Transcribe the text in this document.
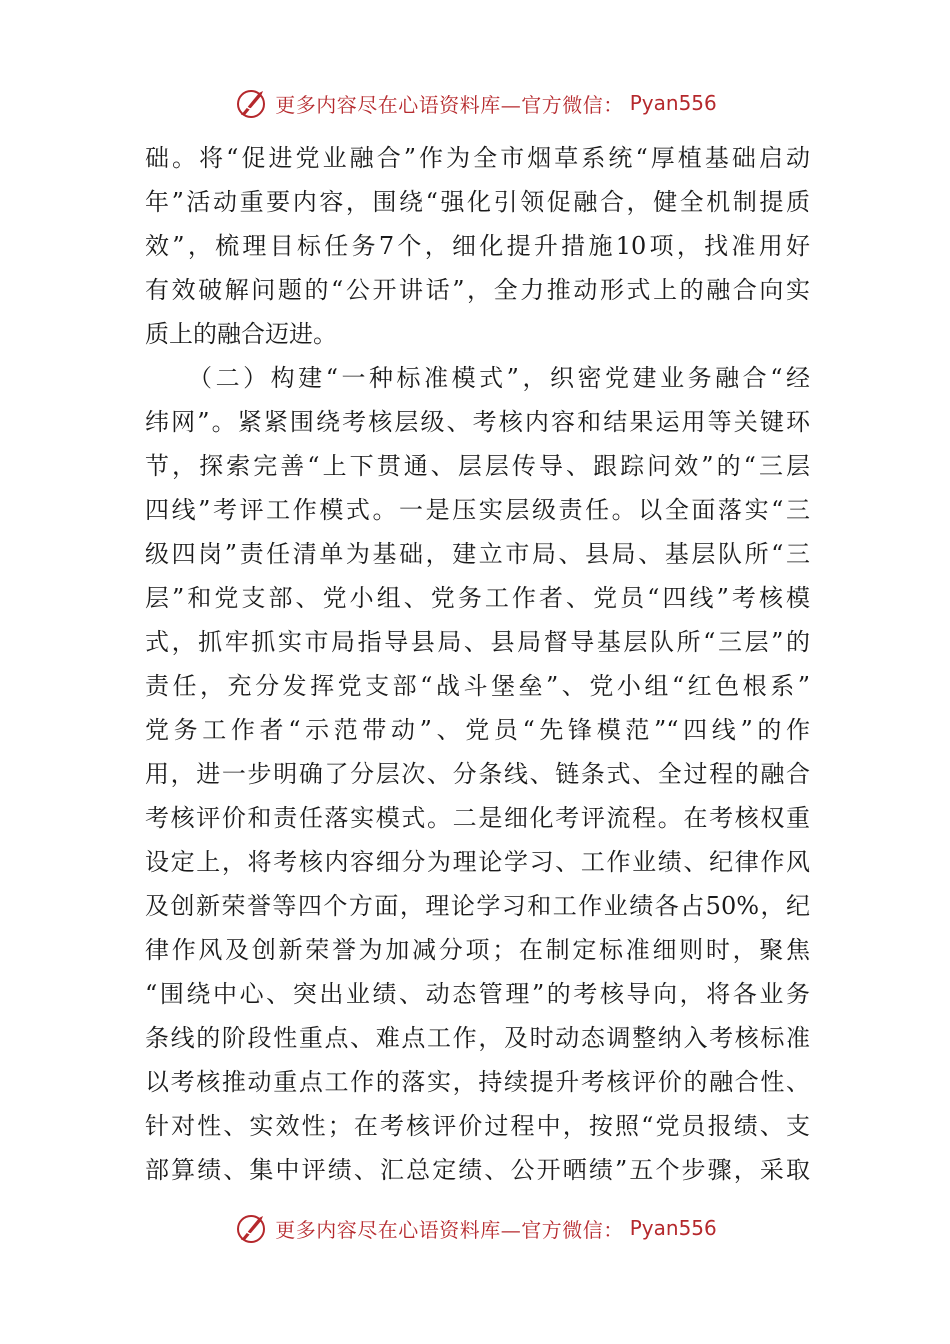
更多内容尽在心语资料库—官方微信： Pyan556
础。将“促进党业融合”作为全市烟草系统“厚植基础启动
年”活动重要内容，围绕“强化引领促融合，健全机制提质
效”，梳理目标任务7个，细化提升措施10项，找准用好
有效破解问题的“公开讲话”，全力推动形式上的融合向实
质上的融合迈进。
　　（二）构建“一种标准模式”，织密党建业务融合“经
纬网”。紧紧围绕考核层级、考核内容和结果运用等关键环
节，探索完善“上下贯通、层层传导、跟踪问效”的“三层
四线”考评工作模式。一是压实层级责任。以全面落实“三
级四岗”责任清单为基础，建立市局、县局、基层队所“三
层”和党支部、党小组、党务工作者、党员“四线”考核模
式，抓牢抓实市局指导县局、县局督导基层队所“三层”的
责任，充分发挥党支部“战斗堡垒”、党小组“红色根系”
党务工作者“示范带动”、党员“先锋模范”“四线”的作
用，进一步明确了分层次、分条线、链条式、全过程的融合
考核评价和责任落实模式。二是细化考评流程。在考核权重
设定上，将考核内容细分为理论学习、工作业绩、纪律作风
及创新荣誉等四个方面，理论学习和工作业绩各占50%，纪
律作风及创新荣誉为加减分项；在制定标准细则时，聚焦
“围绕中心、突出业绩、动态管理”的考核导向，将各业务
条线的阶段性重点、难点工作，及时动态调整纳入考核标准
以考核推动重点工作的落实，持续提升考核评价的融合性、
针对性、实效性；在考核评价过程中，按照“党员报绩、支
部算绩、集中评绩、汇总定绩、公开晒绩”五个步骤，采取
更多内容尽在心语资料库—官方微信： Pyan556
